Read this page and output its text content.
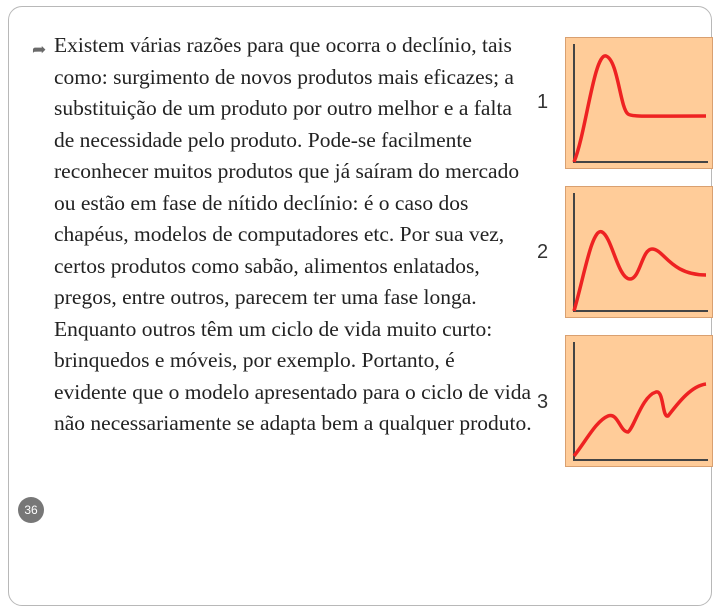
➦ Existem várias razões para que ocorra o declínio, tais como: surgimento de novos produtos mais eficazes; a substituição de um produto por outro melhor e a falta de necessidade pelo produto. Pode-se facilmente reconhecer muitos produtos que já saíram do mercado ou estão em fase de nítido declínio: é o caso dos chapéus, modelos de computadores etc. Por sua vez, certos produtos como sabão, alimentos enlatados, pregos, entre outros, parecem ter uma fase longa. Enquanto outros têm um ciclo de vida muito curto: brinquedos e móveis, por exemplo. Portanto, é evidente que o modelo apresentado para o ciclo de vida não necessariamente se adapta bem a qualquer produto.

1
2
3
36
